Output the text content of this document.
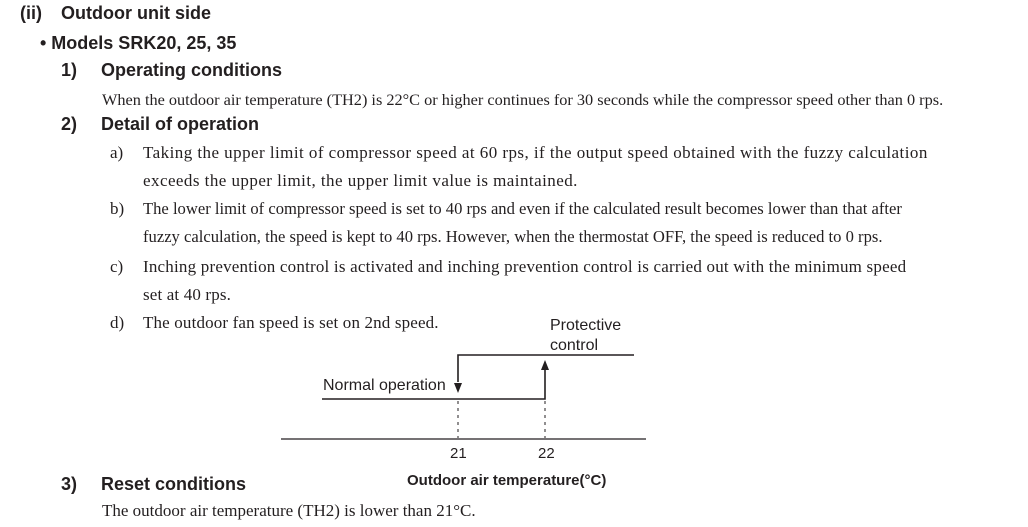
(ii) Outdoor unit side
• Models SRK20, 25, 35
1) Operating conditions
When the outdoor air temperature (TH2) is 22°C or higher continues for 30 seconds while the compressor speed other than 0 rps.
2) Detail of operation
a) Taking the upper limit of compressor speed at 60 rps, if the output speed obtained with the fuzzy calculation
exceeds the upper limit, the upper limit value is maintained.
b) The lower limit of compressor speed is set to 40 rps and even if the calculated result becomes lower than that after
fuzzy calculation, the speed is kept to 40 rps. However, when the thermostat OFF, the speed is reduced to 0 rps.
c) Inching prevention control is activated and inching prevention control is carried out with the minimum speed
set at 40 rps.
d) The outdoor fan speed is set on 2nd speed.	Protective
control
Normal operation
21	22
Outdoor air temperature(°C)
3) Reset conditions
The outdoor air temperature (TH2) is lower than 21°C.
